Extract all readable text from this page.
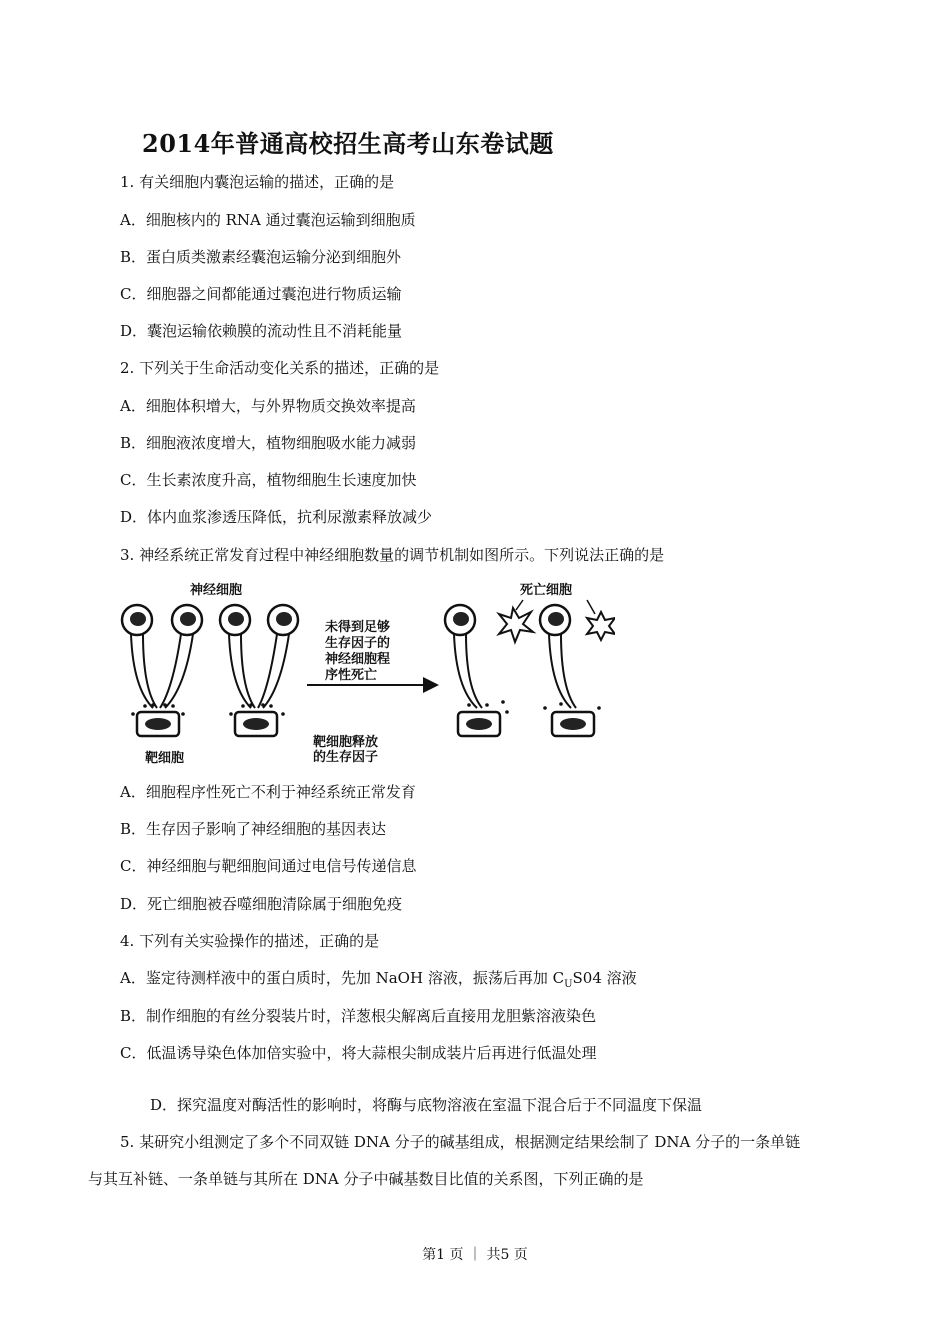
2014年普通高校招生高考山东卷试题
1. 有关细胞内囊泡运输的描述，正确的是
A．细胞核内的 RNA 通过囊泡运输到细胞质
B．蛋白质类激素经囊泡运输分泌到细胞外
C．细胞器之间都能通过囊泡进行物质运输
D．囊泡运输依赖膜的流动性且不消耗能量
2. 下列关于生命活动变化关系的描述，正确的是
A．细胞体积增大，与外界物质交换效率提高
B．细胞液浓度增大，植物细胞吸水能力减弱
C．生长素浓度升高，植物细胞生长速度加快
D．体内血浆渗透压降低，抗利尿激素释放减少
3. 神经系统正常发育过程中神经细胞数量的调节机制如图所示。下列说法正确的是
神经细胞	死亡细胞
靶细胞
靶细胞释放
的生存因子
未得到足够
生存因子的
神经细胞程
序性死亡
A．细胞程序性死亡不利于神经系统正常发育
B．生存因子影响了神经细胞的基因表达
C．神经细胞与靶细胞间通过电信号传递信息
D．死亡细胞被吞噬细胞清除属于细胞免疫
4. 下列有关实验操作的描述，正确的是
A．鉴定待测样液中的蛋白质时，先加 NaOH 溶液，振荡后再加 $C_US04$ 溶液
B．制作细胞的有丝分裂装片时，洋葱根尖解离后直接用龙胆紫溶液染色
C．低温诱导染色体加倍实验中，将大蒜根尖制成装片后再进行低温处理
D．探究温度对酶活性的影响时，将酶与底物溶液在室温下混合后于不同温度下保温
5. 某研究小组测定了多个不同双链 DNA 分子的碱基组成，根据测定结果绘制了 DNA 分子的一条单链
与其互补链、一条单链与其所在 DNA 分子中碱基数目比值的关系图，下列正确的是
第1 页 ｜ 共5 页
